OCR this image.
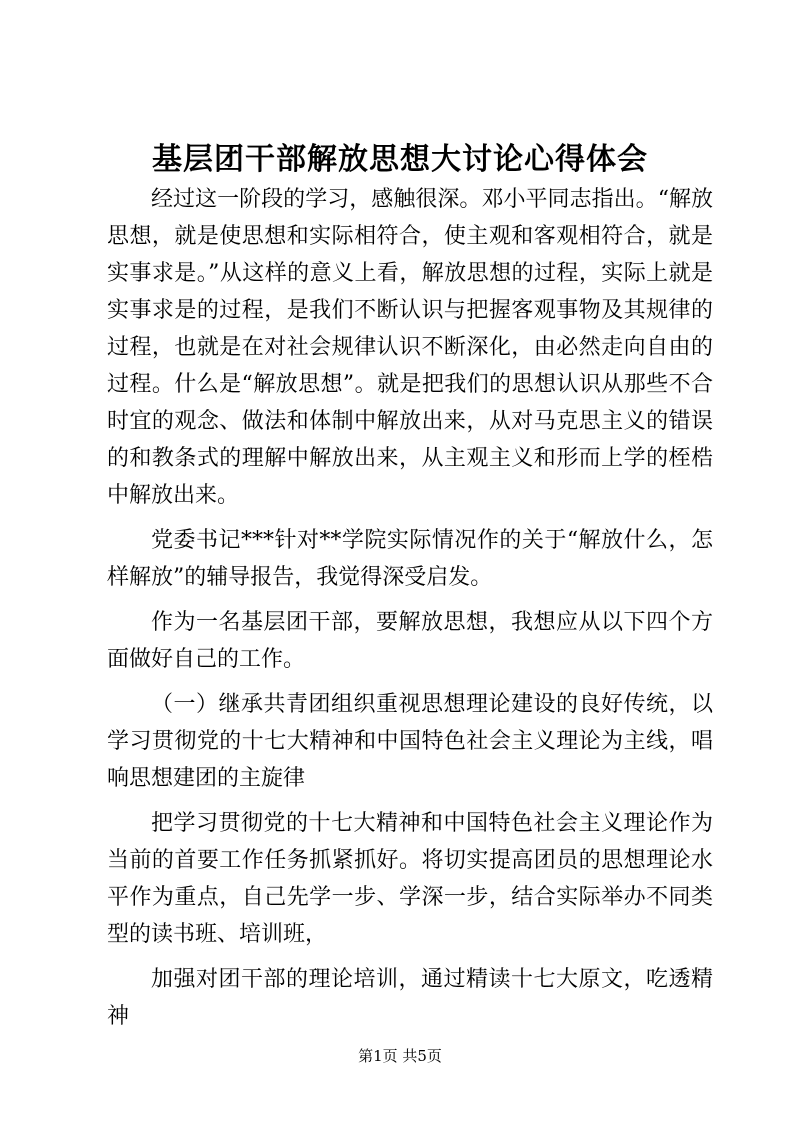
基层团干部解放思想大讨论心得体会

经过这一阶段的学习，感触很深。邓小平同志指出。“解放思想，就是使思想和实际相符合，使主观和客观相符合，就是实事求是。”从这样的意义上看，解放思想的过程，实际上就是实事求是的过程，是我们不断认识与把握客观事物及其规律的过程，也就是在对社会规律认识不断深化，由必然走向自由的过程。什么是“解放思想”。就是把我们的思想认识从那些不合时宜的观念、做法和体制中解放出来，从对马克思主义的错误的和教条式的理解中解放出来，从主观主义和形而上学的桎梏中解放出来。

党委书记***针对**学院实际情况作的关于“解放什么，怎样解放”的辅导报告，我觉得深受启发。

作为一名基层团干部，要解放思想，我想应从以下四个方面做好自己的工作。

（一）继承共青团组织重视思想理论建设的良好传统，以学习贯彻党的十七大精神和中国特色社会主义理论为主线，唱响思想建团的主旋律

把学习贯彻党的十七大精神和中国特色社会主义理论作为当前的首要工作任务抓紧抓好。将切实提高团员的思想理论水平作为重点，自己先学一步、学深一步，结合实际举办不同类型的读书班、培训班，

加强对团干部的理论培训，通过精读十七大原文，吃透精神

第1页 共5页
